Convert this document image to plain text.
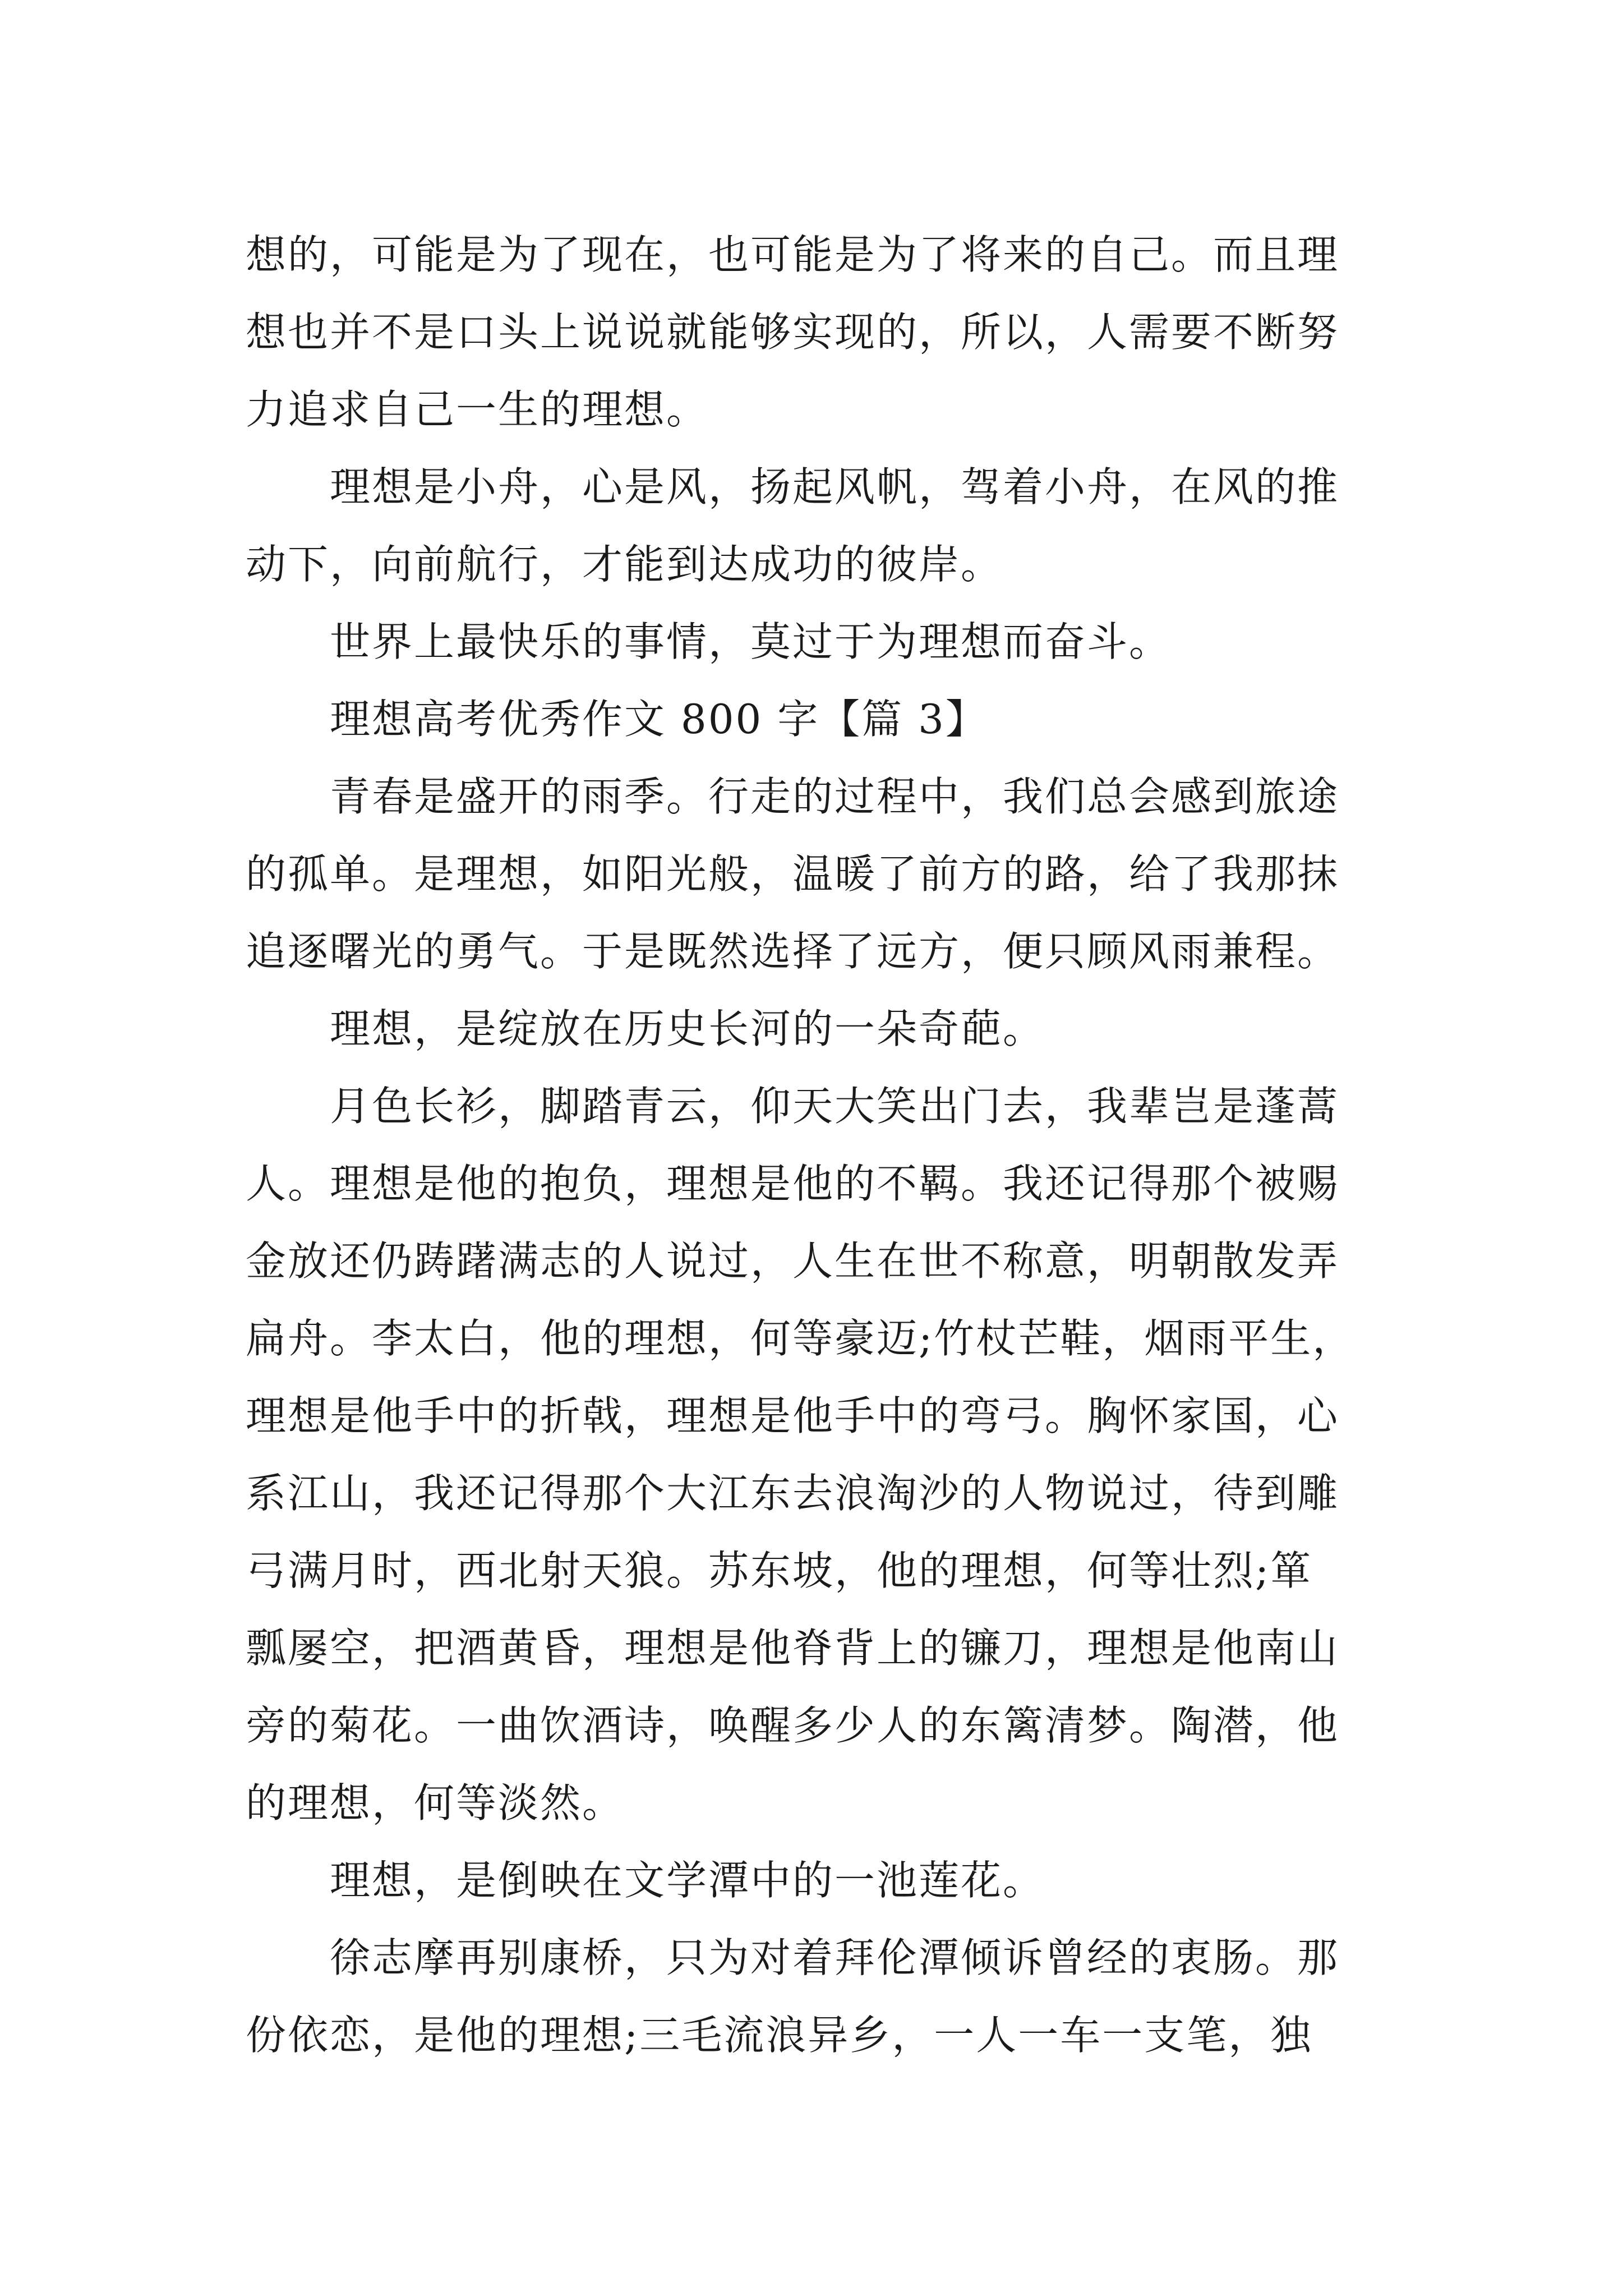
想的，可能是为了现在，也可能是为了将来的自己。而且理
想也并不是口头上说说就能够实现的，所以，人需要不断努
力追求自己一生的理想。
理想是小舟，心是风，扬起风帆，驾着小舟，在风的推
动下，向前航行，才能到达成功的彼岸。
世界上最快乐的事情，莫过于为理想而奋斗。
理想高考优秀作文 800 字【篇 3】
青春是盛开的雨季。行走的过程中，我们总会感到旅途
的孤单。是理想，如阳光般，温暖了前方的路，给了我那抹
追逐曙光的勇气。于是既然选择了远方，便只顾风雨兼程。
理想，是绽放在历史长河的一朵奇葩。
月色长衫，脚踏青云，仰天大笑出门去，我辈岂是蓬蒿
人。理想是他的抱负，理想是他的不羁。我还记得那个被赐
金放还仍踌躇满志的人说过，人生在世不称意，明朝散发弄
扁舟。李太白，他的理想，何等豪迈;竹杖芒鞋，烟雨平生，
理想是他手中的折戟，理想是他手中的弯弓。胸怀家国，心
系江山，我还记得那个大江东去浪淘沙的人物说过，待到雕
弓满月时，西北射天狼。苏东坡，他的理想，何等壮烈;箪
瓢屡空，把酒黄昏，理想是他脊背上的镰刀，理想是他南山
旁的菊花。一曲饮酒诗，唤醒多少人的东篱清梦。陶潜，他
的理想，何等淡然。
理想，是倒映在文学潭中的一池莲花。
徐志摩再别康桥，只为对着拜伦潭倾诉曾经的衷肠。那
份依恋，是他的理想;三毛流浪异乡，一人一车一支笔，独
